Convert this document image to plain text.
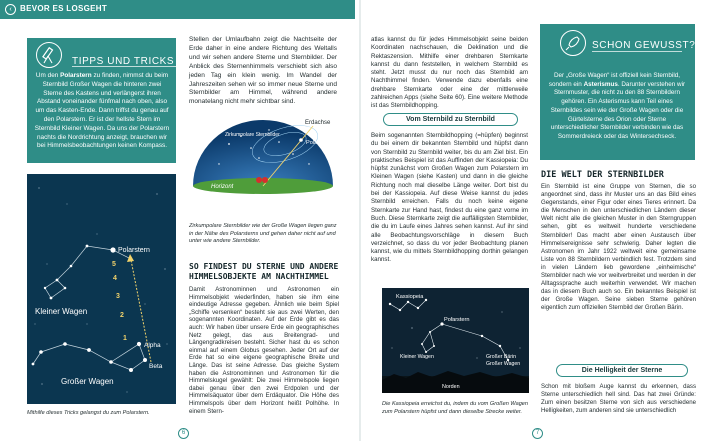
‹	BEVOR ES LOSGEHT
TIPPS UND TRICKS
Um den Polarstern zu finden, nimmst du beim Sternbild Großer Wagen die hinteren zwei Sterne des Kastens und verlängerst ihren Abstand voneinander fünfmal nach oben, also um das Kasten-Ende. Dann triffst du genau auf den Polarstern. Er ist der hellste Stern im Sternbild Kleiner Wagen. Da uns der Polarstern nachts die Nordrichtung anzeigt, brauchen wir bei Himmelsbeobachtungen keinen Kompass.
1
2
3
4
5
Polarstern
Kleiner Wagen
Großer Wagen
Alpha
Beta
Mithilfe dieses Tricks gelangst du zum Polarstern.
Stellen der Umlaufbahn zeigt die Nachtseite der Erde daher in eine andere Richtung des Weltalls und wir sehen andere Sterne und Sternbilder. Der Anblick des Sternenhimmels verschiebt sich also jeden Tag ein klein wenig. Im Wandel der Jahreszeiten sehen wir so immer neue Sterne und Sternbilder am Himmel, während andere monatelang nicht mehr sichtbar sind.
Erdachse
Polarstern
Zirkumpolare Sternbilder
Horizont
Zirkumpolare Sternbilder wie der Große Wagen liegen ganz in der Nähe des Polarsterns und gehen daher nicht auf und unter wie andere Sternbilder.
SO FINDEST DU STERNE UND ANDERE HIMMELSOBJEKTE AM NACHTHIMMEL
Damit Astronominnen und Astronomen ein Himmelsobjekt wiederfinden, haben sie ihm eine eindeutige Adresse gegeben. Ähnlich wie beim Spiel „Schiffe versenken“ besteht sie aus zwei Werten, den sogenannten Koordinaten. Auf der Erde gibt es das auch: Wir haben über unsere Erde ein geographisches Netz gelegt, das aus Breitengrad- und Längengradkreisen besteht. Sicher hast du es schon einmal auf einem Globus gesehen. Jeder Ort auf der Erde hat so eine eigene geographische Breite und Länge. Das ist seine Adresse. Das gleiche System haben die Astronominnen und Astronomen für die Himmelskugel gewählt: Die zwei Himmelspole liegen dabei genau über den zwei Erdpolen und der Himmelsäquator über dem Erdäquator. Die Höhe des Himmelspols über dem Horizont heißt Polhöhe. In einem Stern-
6
atlas kannst du für jedes Himmelsobjekt seine beiden Koordinaten nachschauen, die Deklination und die Rektaszension. Mithilfe einer drehbaren Sternkarte kannst du dann feststellen, in welchem Sternbild es steht. Jetzt musst du nur noch das Sternbild am Nachthimmel finden. Verwende dazu ebenfalls eine drehbare Sternkarte oder eine der mittlerweile zahlreichen Apps (siehe Seite 60). Eine weitere Methode ist das Sternbildhopping.
Vom Sternbild zu Sternbild
Beim sogenannten Sternbildhopping (=hüpfen) beginnst du bei einem dir bekannten Sternbild und hüpfst dann von Sternbild zu Sternbild weiter, bis du am Ziel bist. Ein praktisches Beispiel ist das Auffinden der Kassiopeia: Du hüpfst zunächst vom Großen Wagen zum Polarstern im Kleinen Wagen (siehe Kasten) und dann in die gleiche Richtung noch mal dieselbe Länge weiter. Dort bist du bei der Kassiopeia. Auf diese Weise kannst du jedes Sternbild erreichen. Falls du noch keine eigene Sternkarte zur Hand hast, findest du eine ganz vorne im Buch. Diese Sternkarte zeigt die auffälligsten Sternbilder, die du im Laufe eines Jahres sehen kannst. Auf ihr sind alle Beobachtungsvorschläge in diesem Buch verzeichnet, so dass du vor jeder Beobachtung planen kannst, wie du mittels Sternbildhopping dorthin gelangen kannst.
Kassiopeia
Polarstern
Kleiner Wagen	Großer Bärin
Großer Wagen
Norden
Die Kassiopeia erreichst du, indem du vom Großen Wagen zum Polarstern hüpfst und dann dieselbe Strecke weiter.
7
SCHON GEWUSST?
Der „Große Wagen“ ist offiziell kein Sternbild, sondern ein Asterismus. Darunter verstehen wir Sternmuster, die nicht zu den 88 Sternbildern gehören. Ein Asterismus kann Teil eines Sternbildes sein wie der Große Wagen oder die Gürtelsterne des Orion oder Sterne unterschiedlicher Sternbilder verbinden wie das Sommerdreieck oder das Wintersechseck.
DIE WELT DER STERNBILDER
Ein Sternbild ist eine Gruppe von Sternen, die so angeordnet sind, dass ihr Muster uns an das Bild eines Gegenstands, einer Figur oder eines Tieres erinnert. Da die Menschen in den unterschiedlichen Ländern dieser Welt nicht alle die gleichen Muster in den Sterngruppen sehen, gibt es weltweit hunderte verschiedene Sternbilder! Das macht aber einen Austausch über Himmelsereignisse sehr schwierig. Daher legten die Astronomen im Jahr 1922 weltweit eine gemeinsame Liste von 88 Sternbildern verbindlich fest. Trotzdem sind in vielen Ländern lieb gewordene „einheimische“ Sternbilder nach wie vor weitverbreitet und werden in der Alltagssprache auch weiterhin verwendet. Wir machen das in diesem Buch auch so. Ein bekanntes Beispiel ist der Große Wagen. Seine sieben Sterne gehören eigentlich zum offiziellen Sternbild der Großen Bärin.
Die Helligkeit der Sterne
Schon mit bloßem Auge kannst du erkennen, dass Sterne unterschiedlich hell sind. Das hat zwei Gründe: Zum einen besitzen Sterne von sich aus verschiedene Helligkeiten, zum anderen sind sie unterschiedlich
